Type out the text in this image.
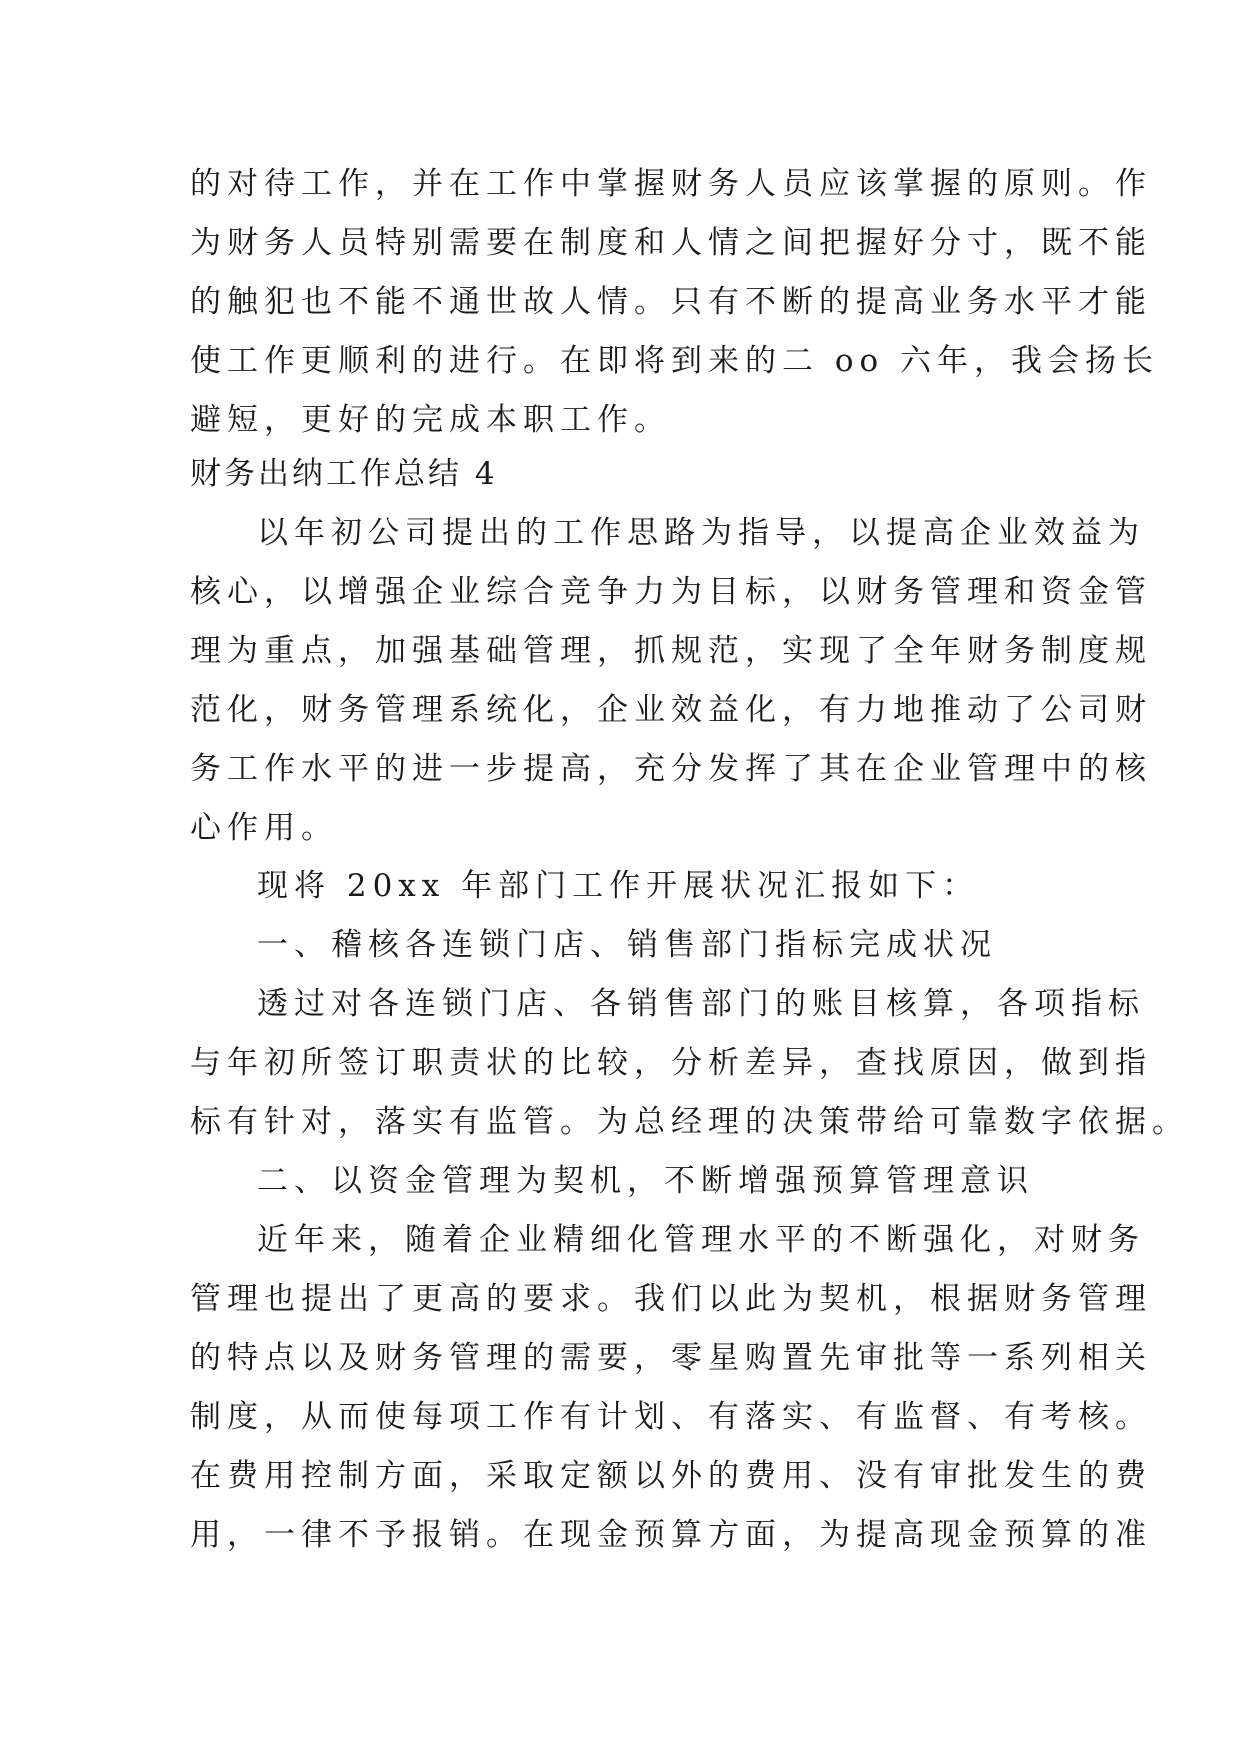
的对待工作，并在工作中掌握财务人员应该掌握的原则。作
为财务人员特别需要在制度和人情之间把握好分寸，既不能
的触犯也不能不通世故人情。只有不断的提高业务水平才能
使工作更顺利的进行。在即将到来的二 oo 六年，我会扬长
避短，更好的完成本职工作。
财务出纳工作总结 4
以年初公司提出的工作思路为指导，以提高企业效益为
核心，以增强企业综合竞争力为目标，以财务管理和资金管
理为重点，加强基础管理，抓规范，实现了全年财务制度规
范化，财务管理系统化，企业效益化，有力地推动了公司财
务工作水平的进一步提高，充分发挥了其在企业管理中的核
心作用。
现将 20xx 年部门工作开展状况汇报如下：
一、稽核各连锁门店、销售部门指标完成状况
透过对各连锁门店、各销售部门的账目核算，各项指标
与年初所签订职责状的比较，分析差异，查找原因，做到指
标有针对，落实有监管。为总经理的决策带给可靠数字依据。
二、以资金管理为契机，不断增强预算管理意识
近年来，随着企业精细化管理水平的不断强化，对财务
管理也提出了更高的要求。我们以此为契机，根据财务管理
的特点以及财务管理的需要，零星购置先审批等一系列相关
制度，从而使每项工作有计划、有落实、有监督、有考核。
在费用控制方面，采取定额以外的费用、没有审批发生的费
用，一律不予报销。在现金预算方面，为提高现金预算的准
